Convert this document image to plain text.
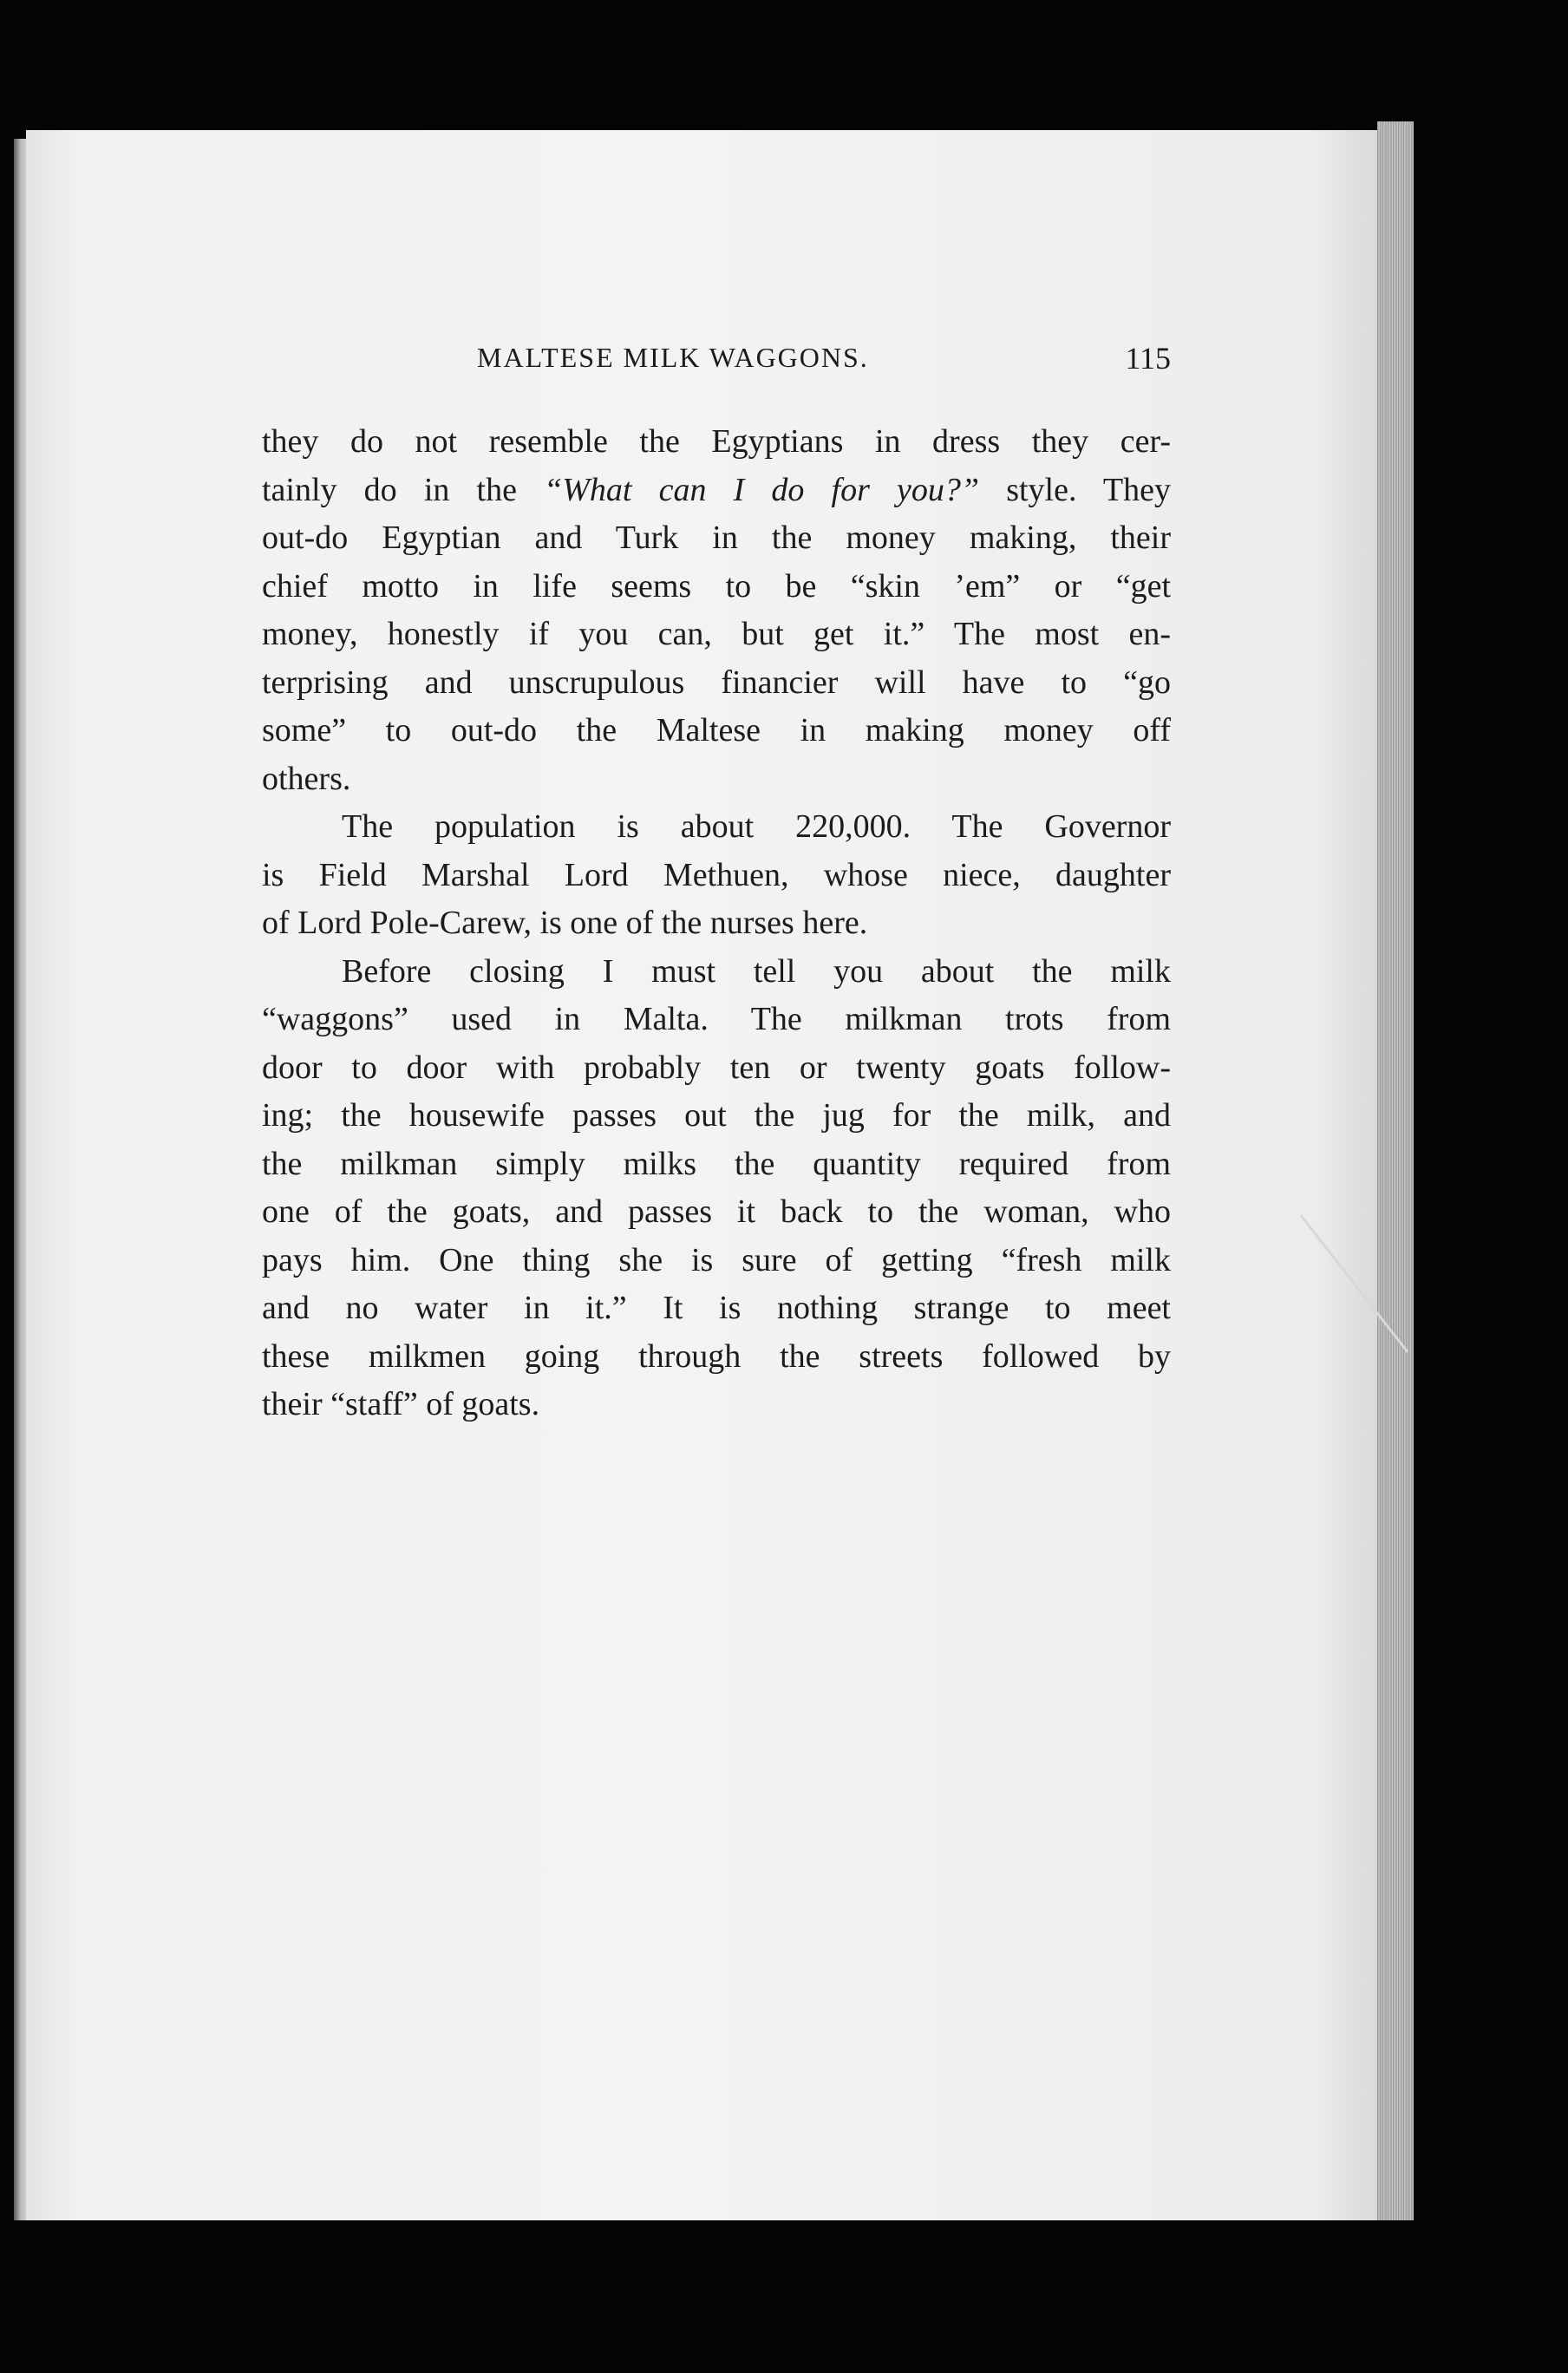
MALTESE MILK WAGGONS.	115
they do not resemble the Egyptians in dress they cer-
tainly do in the “What can I do for you?” style. They
out-do Egyptian and Turk in the money making, their
chief motto in life seems to be “skin ’em” or “get
money, honestly if you can, but get it.” The most en-
terprising and unscrupulous financier will have to “go
some” to out-do the Maltese in making money off
others.
The population is about 220,000. The Governor
is Field Marshal Lord Methuen, whose niece, daughter
of Lord Pole-Carew, is one of the nurses here.
Before closing I must tell you about the milk
“waggons” used in Malta. The milkman trots from
door to door with probably ten or twenty goats follow-
ing; the housewife passes out the jug for the milk, and
the milkman simply milks the quantity required from
one of the goats, and passes it back to the woman, who
pays him. One thing she is sure of getting “fresh milk
and no water in it.” It is nothing strange to meet
these milkmen going through the streets followed by
their “staff” of goats.
